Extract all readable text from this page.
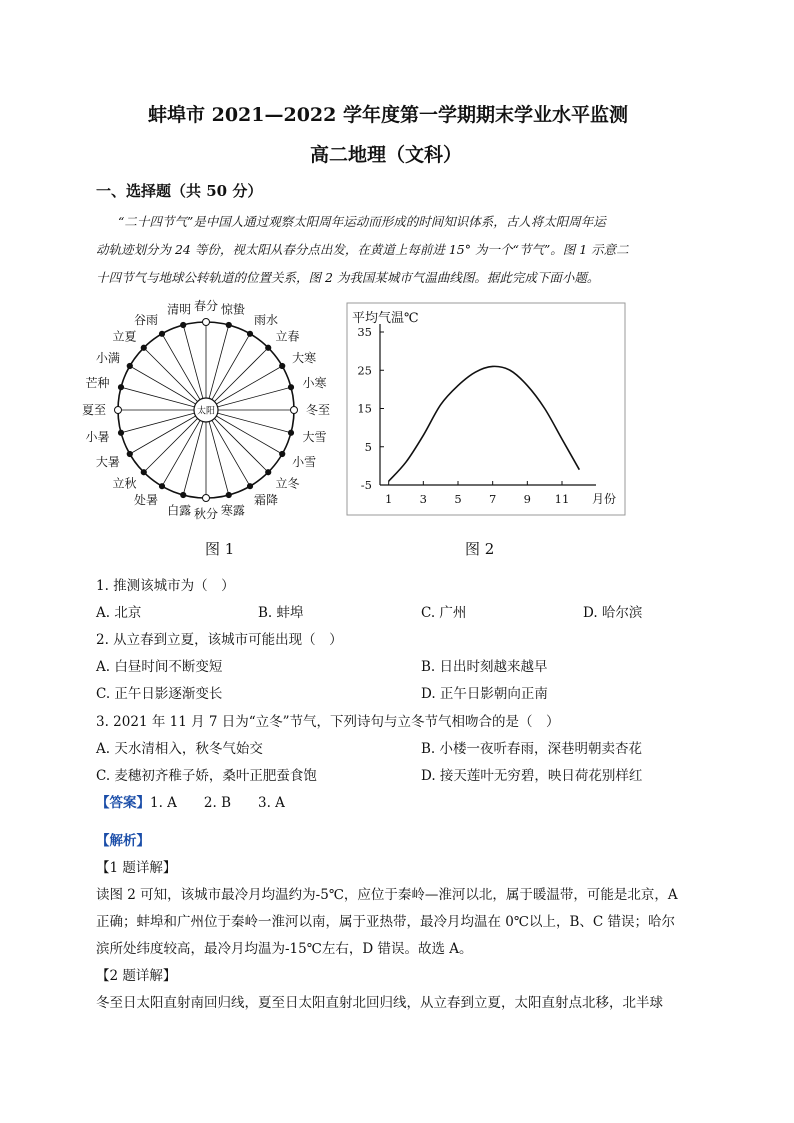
蚌埠市 2021—2022 学年度第一学期期末学业水平监测
高二地理（文科）
一、选择题（共 50 分）
“二十四节气”是中国人通过观察太阳周年运动而形成的时间知识体系，古人将太阳周年运
动轨迹划分为 24 等份，视太阳从春分点出发，在黄道上每前进 15° 为一个“节气”。图 1 示意二
十四节气与地球公转轨道的位置关系，图 2 为我国某城市气温曲线图。据此完成下面小题。
春分 惊蛰
雨水
立春
大寒
小寒
冬至
大雪
小雪
立冬
霜降
寒露
秋分
白露
处暑
立秋
大暑
小暑
夏至
芒种
小满
立夏
谷雨
清明
太阳
图 1
平均气温℃
-5
5
15
25
35
1 3 5 7 9 11 月份
图 2
1. 推测该城市为（　）
A. 北京	B. 蚌埠	C. 广州	D. 哈尔滨
2. 从立春到立夏，该城市可能出现（　）
A. 白昼时间不断变短	B. 日出时刻越来越早
C. 正午日影逐渐变长	D. 正午日影朝向正南
3. 2021 年 11 月 7 日为“立冬”节气，下列诗句与立冬节气相吻合的是（　）
A. 天水清相入，秋冬气始交	B. 小楼一夜听春雨，深巷明朝卖杏花
C. 麦穗初齐稚子娇，桑叶正肥蚕食饱	D. 接天莲叶无穷碧，映日荷花别样红
【答案】1. A　　2. B　　3. A
【解析】
【1 题详解】
读图 2 可知，该城市最冷月均温约为-5℃，应位于秦岭—淮河以北，属于暖温带，可能是北京，A
正确；蚌埠和广州位于秦岭一淮河以南，属于亚热带，最冷月均温在 0℃以上，B、C 错误；哈尔
滨所处纬度较高，最冷月均温为-15℃左右，D 错误。故选 A。
【2 题详解】
冬至日太阳直射南回归线，夏至日太阳直射北回归线，从立春到立夏，太阳直射点北移，北半球
